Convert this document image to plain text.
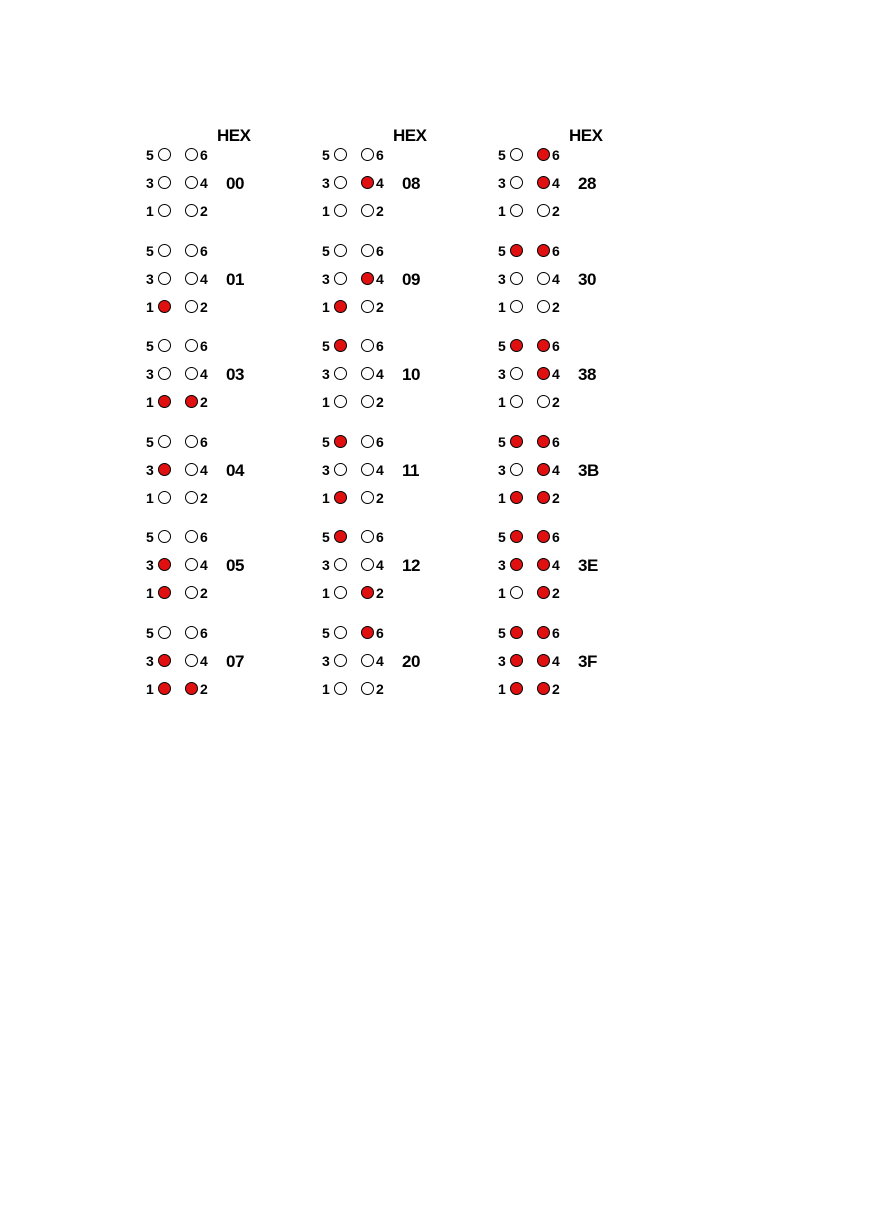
HEX
5	6
3	4 00
1	2
5	6
3	4 01
1	2
5	6
3	4 03
1	2
5	6
3	4 04
1	2
5	6
3	4 05
1	2
5	6
3	4 07
1	2
HEX
5	6
3	4 08
1	2
5	6
3	4 09
1	2
5	6
3	4 10
1	2
5	6
3	4 11
1	2
5	6
3	4 12
1	2
5	6
3	4 20
1	2
HEX
5	6
3	4 28
1	2
5	6
3	4 30
1	2
5	6
3	4 38
1	2
5	6
3	4 3B
1	2
5	6
3	4 3E
1	2
5	6
3	4 3F
1	2
